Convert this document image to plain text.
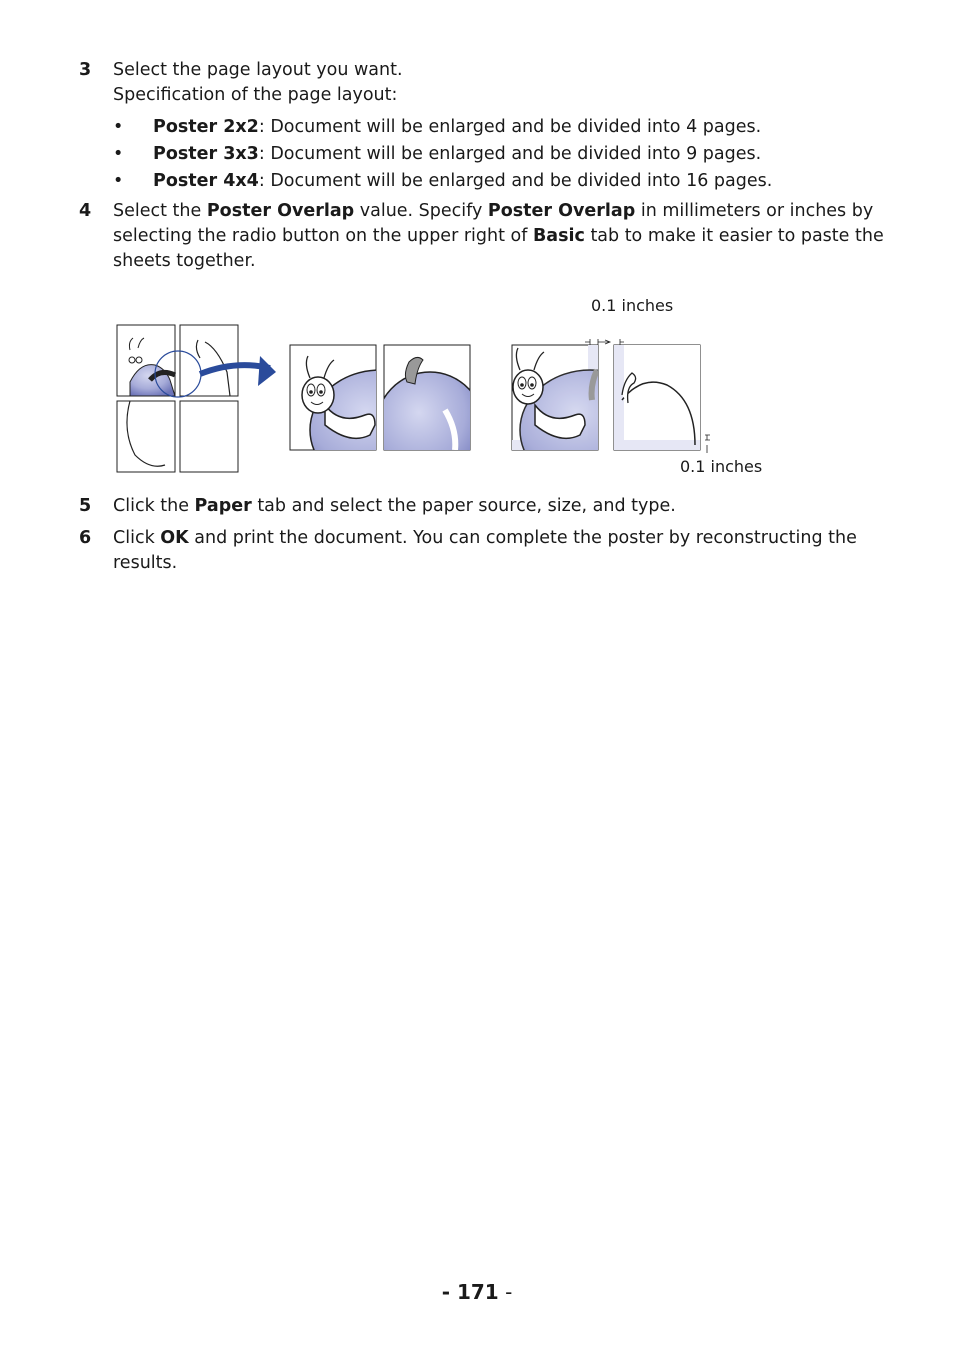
3 Select the page layout you want.
Specification of the page layout:
• Poster 2x2: Document will be enlarged and be divided into 4 pages.
• Poster 3x3: Document will be enlarged and be divided into 9 pages.
• Poster 4x4: Document will be enlarged and be divided into 16 pages.
4 Select the Poster Overlap value. Specify Poster Overlap in millimeters or inches by selecting the radio button on the upper right of Basic tab to make it easier to paste the sheets together.
0.1 inches
0.1 inches
5 Click the Paper tab and select the paper source, size, and type.
6 Click OK and print the document. You can complete the poster by reconstructing the results.
- 171 -
